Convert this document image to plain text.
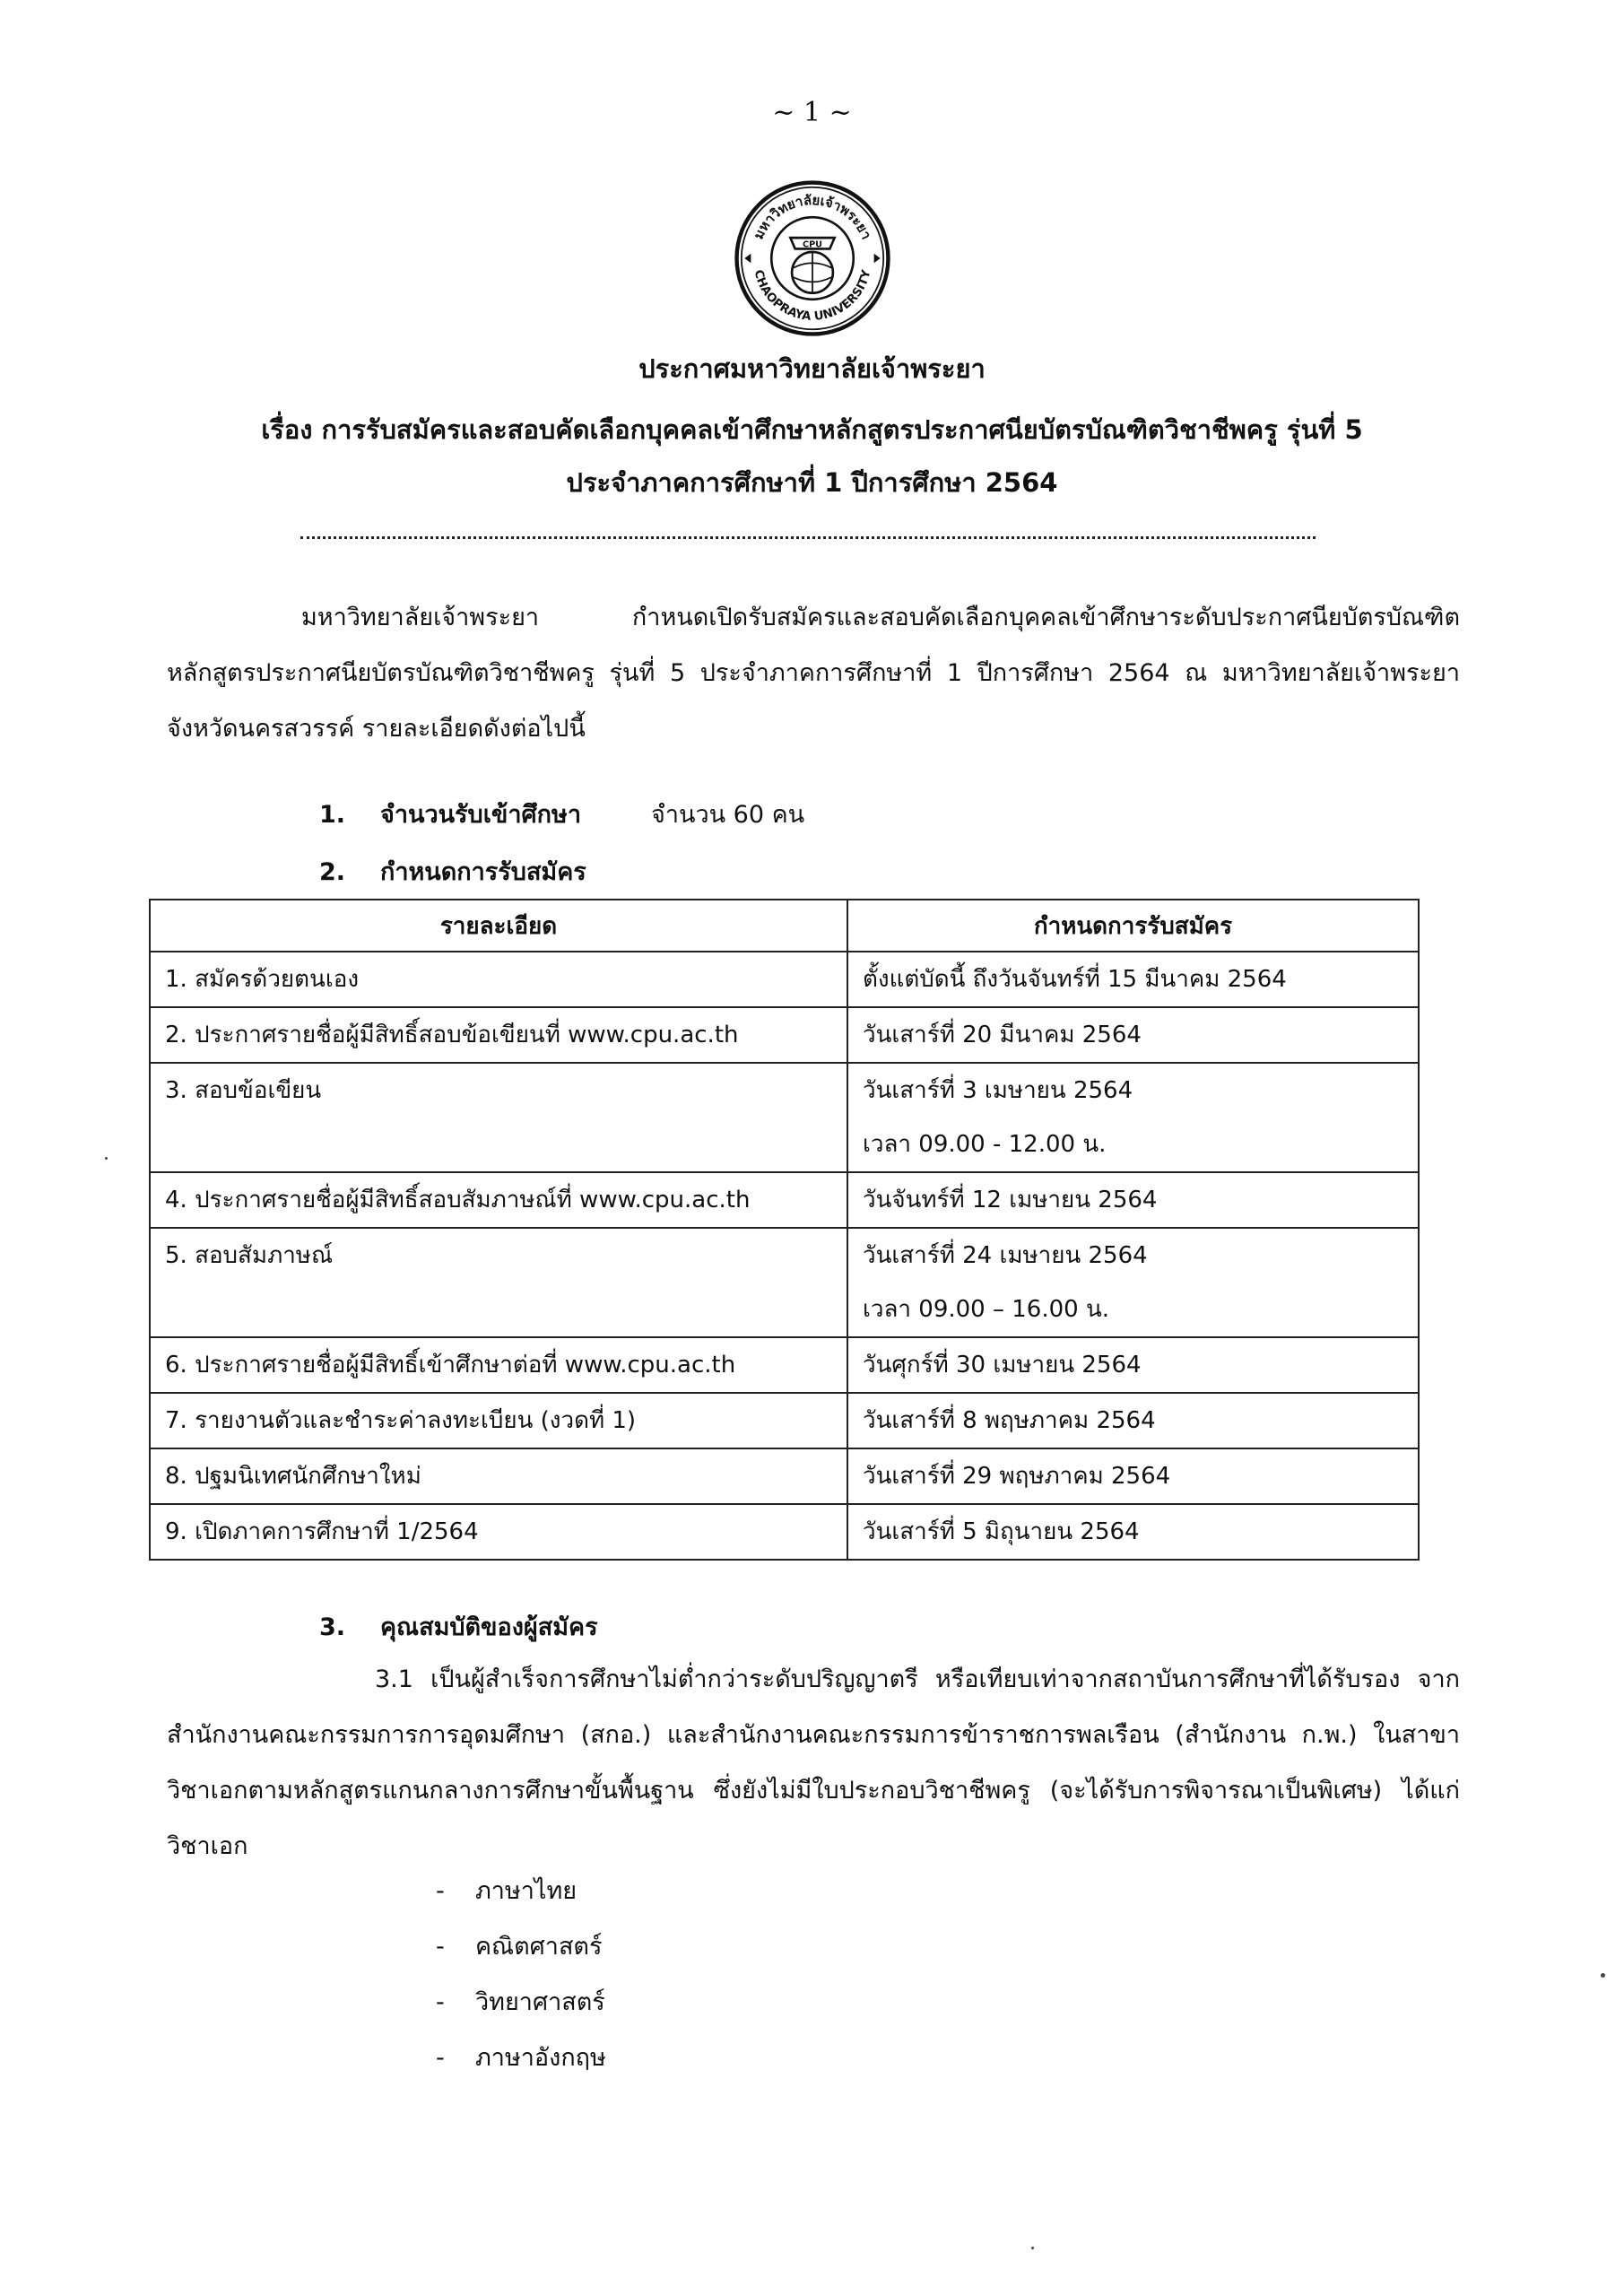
~ 1 ~
มหาวิทยาลัยเจ้าพระยา
CHAOPRAYA UNIVERSITY
CPU
ประกาศมหาวิทยาลัยเจ้าพระยา
เรื่อง การรับสมัครและสอบคัดเลือกบุคคลเข้าศึกษาหลักสูตรประกาศนียบัตรบัณฑิตวิชาชีพครู รุ่นที่ 5
ประจำภาคการศึกษาที่ 1 ปีการศึกษา 2564
มหาวิทยาลัยเจ้าพระยา กำหนดเปิดรับสมัครและสอบคัดเลือกบุคคลเข้าศึกษาระดับประกาศนียบัตรบัณฑิต หลักสูตรประกาศนียบัตรบัณฑิตวิชาชีพครู รุ่นที่ 5 ประจำภาคการศึกษาที่ 1 ปีการศึกษา 2564 ณ มหาวิทยาลัยเจ้าพระยา จังหวัดนครสวรรค์ รายละเอียดดังต่อไปนี้
1. จำนวนรับเข้าศึกษา	จำนวน 60 คน
2. กำหนดการรับสมัคร
รายละเอียด	กำหนดการรับสมัคร
1. สมัครด้วยตนเอง	ตั้งแต่บัดนี้ ถึงวันจันทร์ที่ 15 มีนาคม 2564

2. ประกาศรายชื่อผู้มีสิทธิ์สอบข้อเขียนที่ www.cpu.ac.th	วันเสาร์ที่ 20 มีนาคม 2564

3. สอบข้อเขียน	วันเสาร์ที่ 3 เมษายน 2564
เวลา 09.00 - 12.00 น.

4. ประกาศรายชื่อผู้มีสิทธิ์สอบสัมภาษณ์ที่ www.cpu.ac.th	วันจันทร์ที่ 12 เมษายน 2564

5. สอบสัมภาษณ์	วันเสาร์ที่ 24 เมษายน 2564
เวลา 09.00 – 16.00 น.

6. ประกาศรายชื่อผู้มีสิทธิ์เข้าศึกษาต่อที่ www.cpu.ac.th	วันศุกร์ที่ 30 เมษายน 2564

7. รายงานตัวและชำระค่าลงทะเบียน (งวดที่ 1)	วันเสาร์ที่ 8 พฤษภาคม 2564

8. ปฐมนิเทศนักศึกษาใหม่	วันเสาร์ที่ 29 พฤษภาคม 2564

9. เปิดภาคการศึกษาที่ 1/2564	วันเสาร์ที่ 5 มิถุนายน 2564
3. คุณสมบัติของผู้สมัคร
3.1 เป็นผู้สำเร็จการศึกษาไม่ต่ำกว่าระดับปริญญาตรี หรือเทียบเท่าจากสถาบันการศึกษาที่ได้รับรอง จากสำนักงานคณะกรรมการการอุดมศึกษา (สกอ.) และสำนักงานคณะกรรมการข้าราชการพลเรือน (สำนักงาน ก.พ.) ในสาขาวิชาเอกตามหลักสูตรแกนกลางการศึกษาขั้นพื้นฐาน ซึ่งยังไม่มีใบประกอบวิชาชีพครู (จะได้รับการพิจารณาเป็นพิเศษ) ได้แก่ วิชาเอก
- ภาษาไทย
- คณิตศาสตร์
- วิทยาศาสตร์
- ภาษาอังกฤษ
